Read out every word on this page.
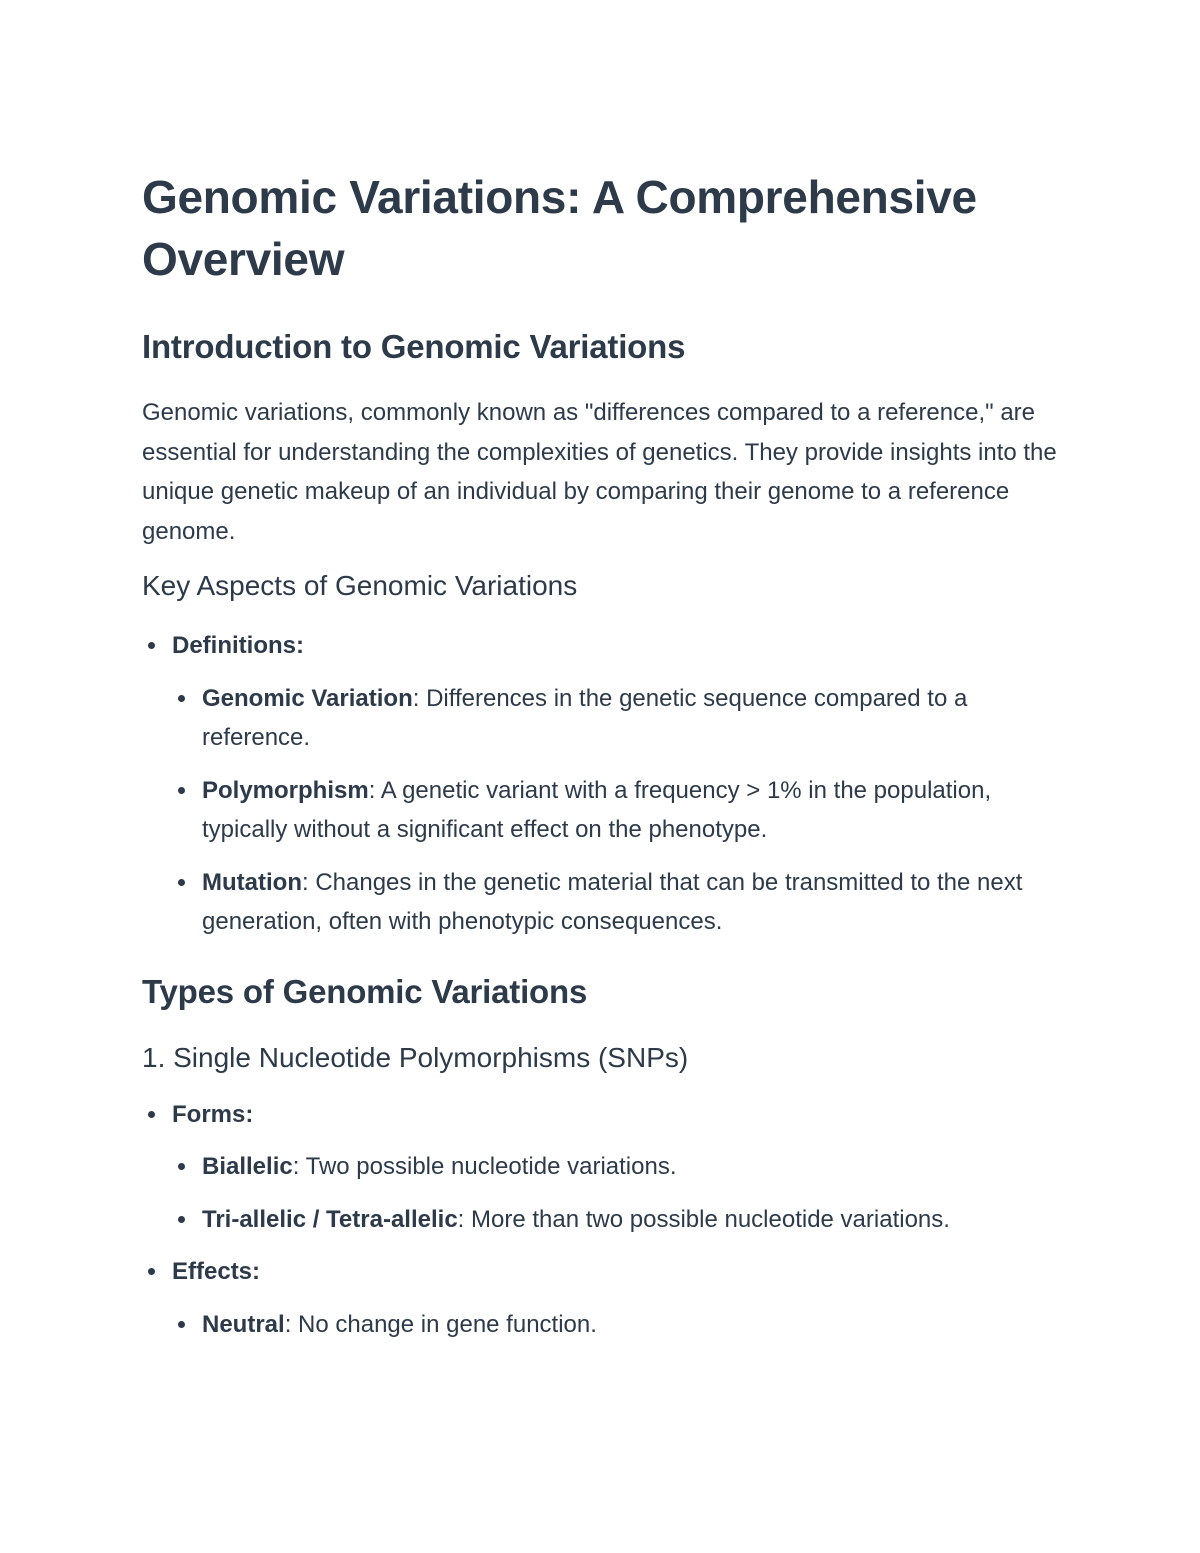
Genomic Variations: A Comprehensive Overview
Introduction to Genomic Variations

Genomic variations, commonly known as "differences compared to a reference," are essential for understanding the complexities of genetics. They provide insights into the unique genetic makeup of an individual by comparing their genome to a reference genome.

Key Aspects of Genomic Variations
Definitions:
Genomic Variation: Differences in the genetic sequence compared to a reference.
Polymorphism: A genetic variant with a frequency > 1% in the population, typically without a significant effect on the phenotype.
Mutation: Changes in the genetic material that can be transmitted to the next generation, often with phenotypic consequences.
Types of Genomic Variations
1. Single Nucleotide Polymorphisms (SNPs)
Forms:
Biallelic: Two possible nucleotide variations.
Tri-allelic / Tetra-allelic: More than two possible nucleotide variations.
Effects:
Neutral: No change in gene function.
